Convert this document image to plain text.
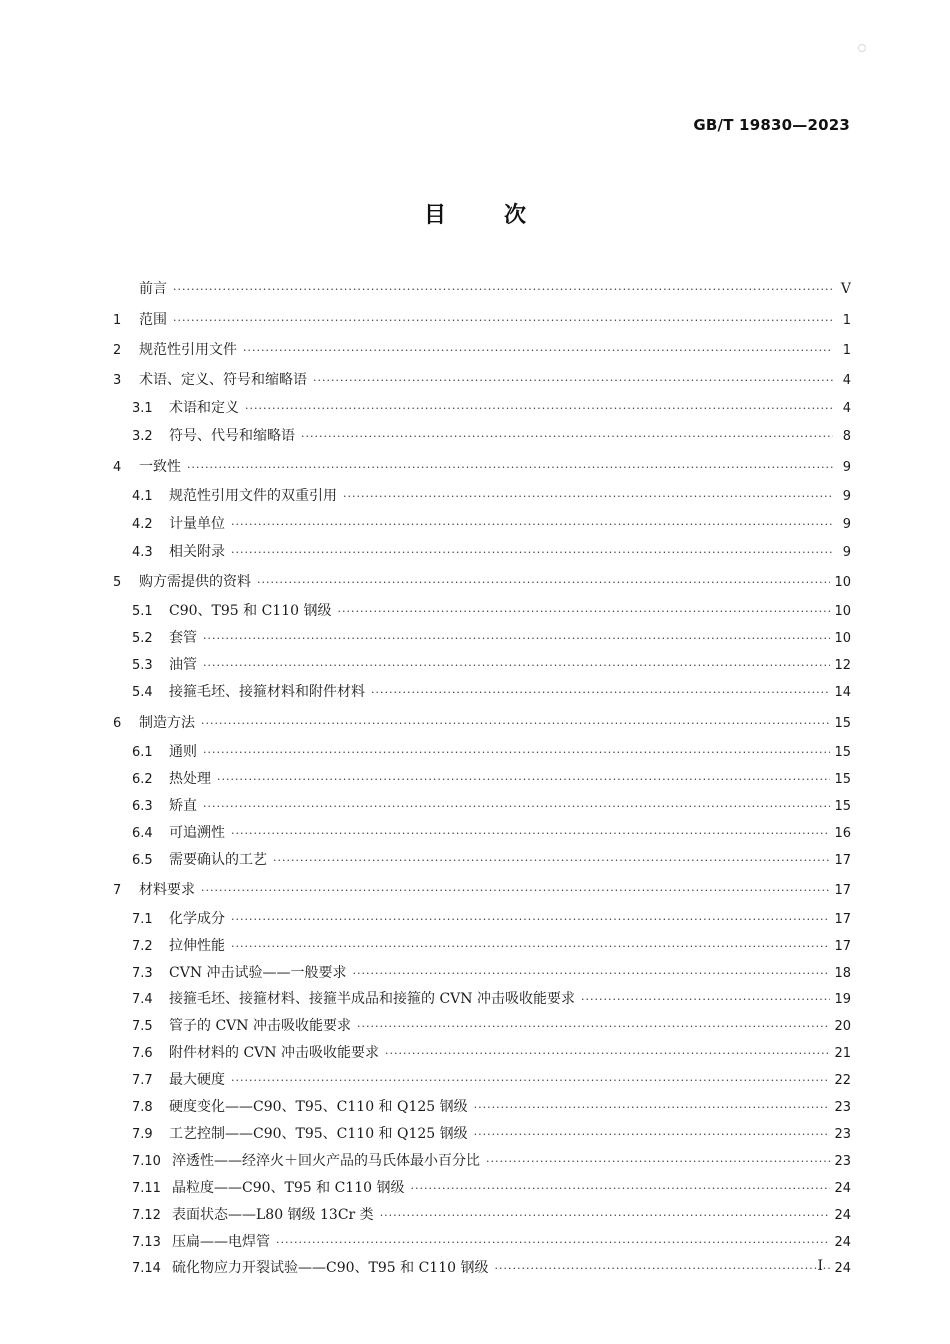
GB/T 19830—2023
目	次
前言 ·····	V
1	范围 ·····	1
2	规范性引用文件 ·····	1
3	术语、定义、符号和缩略语 ·····	4
3.1	术语和定义 ·····	4
3.2	符号、代号和缩略语 ·····	8
4	一致性 ·····	9
4.1	规范性引用文件的双重引用 ·····	9
4.2	计量单位 ·····	9
4.3	相关附录 ·····	9
5	购方需提供的资料 ·····	10
5.1	C90、T95 和 C110 钢级 ·····	10
5.2	套管 ·····	10
5.3	油管 ·····	12
5.4	接箍毛坯、接箍材料和附件材料 ·····	14
6	制造方法 ·····	15
6.1	通则 ·····	15
6.2	热处理 ·····	15
6.3	矫直 ·····	15
6.4	可追溯性 ·····	16
6.5	需要确认的工艺 ·····	17
7	材料要求 ·····	17
7.1	化学成分 ·····	17
7.2	拉伸性能 ·····	17
7.3	CVN 冲击试验——一般要求 ·····	18
7.4	接箍毛坯、接箍材料、接箍半成品和接箍的 CVN 冲击吸收能要求 ·····	19
7.5	管子的 CVN 冲击吸收能要求 ·····	20
7.6	附件材料的 CVN 冲击吸收能要求 ·····	21
7.7	最大硬度 ·····	22
7.8	硬度变化——C90、T95、C110 和 Q125 钢级 ·····	23
7.9	工艺控制——C90、T95、C110 和 Q125 钢级 ·····	23
7.10 淬透性——经淬火＋回火产品的马氏体最小百分比 ·····	23
7.11 晶粒度——C90、T95 和 C110 钢级 ·····	24
7.12 表面状态——L80 钢级 13Cr 类 ·····	24
7.13 压扁——电焊管 ·····	24
7.14 硫化物应力开裂试验——C90、T95 和 C110 钢级 ·····	24
I
